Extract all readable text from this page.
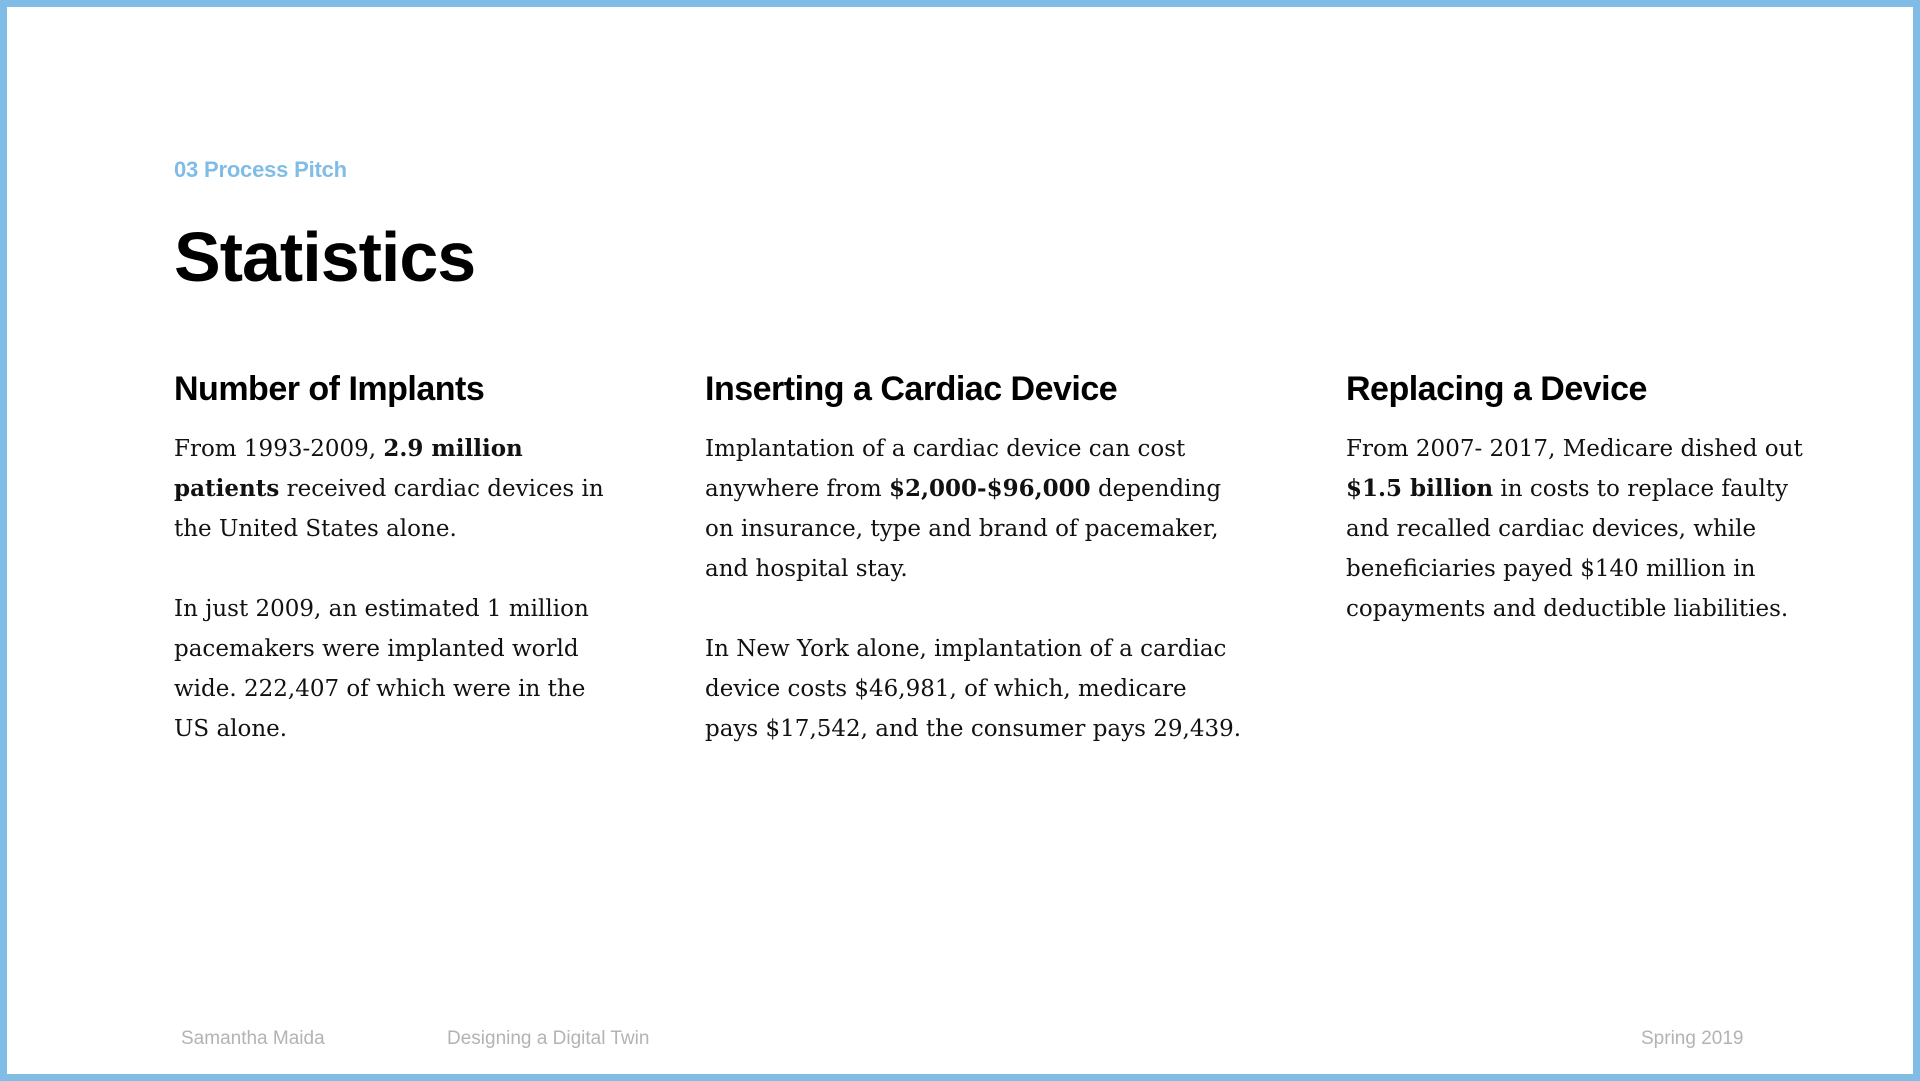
03 Process Pitch
Statistics
Number of Implants

From 1993-2009, 2.9 million patients received cardiac devices in the United States alone.

In just 2009, an estimated 1 million pacemakers were implanted world wide. 222,407 of which were in the US alone.

Inserting a Cardiac Device

Implantation of a cardiac device can cost anywhere from $2,000-$96,000 depending on insurance, type and brand of pacemaker, and hospital stay.

In New York alone, implantation of a cardiac device costs $46,981, of which, medicare pays $17,542, and the consumer pays 29,439.

Replacing a Device

From 2007- 2017, Medicare dished out $1.5 billion in costs to replace faulty and recalled cardiac devices, while beneficiaries payed $140 million in copayments and deductible liabilities.

Samantha Maida	Designing a Digital Twin	Spring 2019
